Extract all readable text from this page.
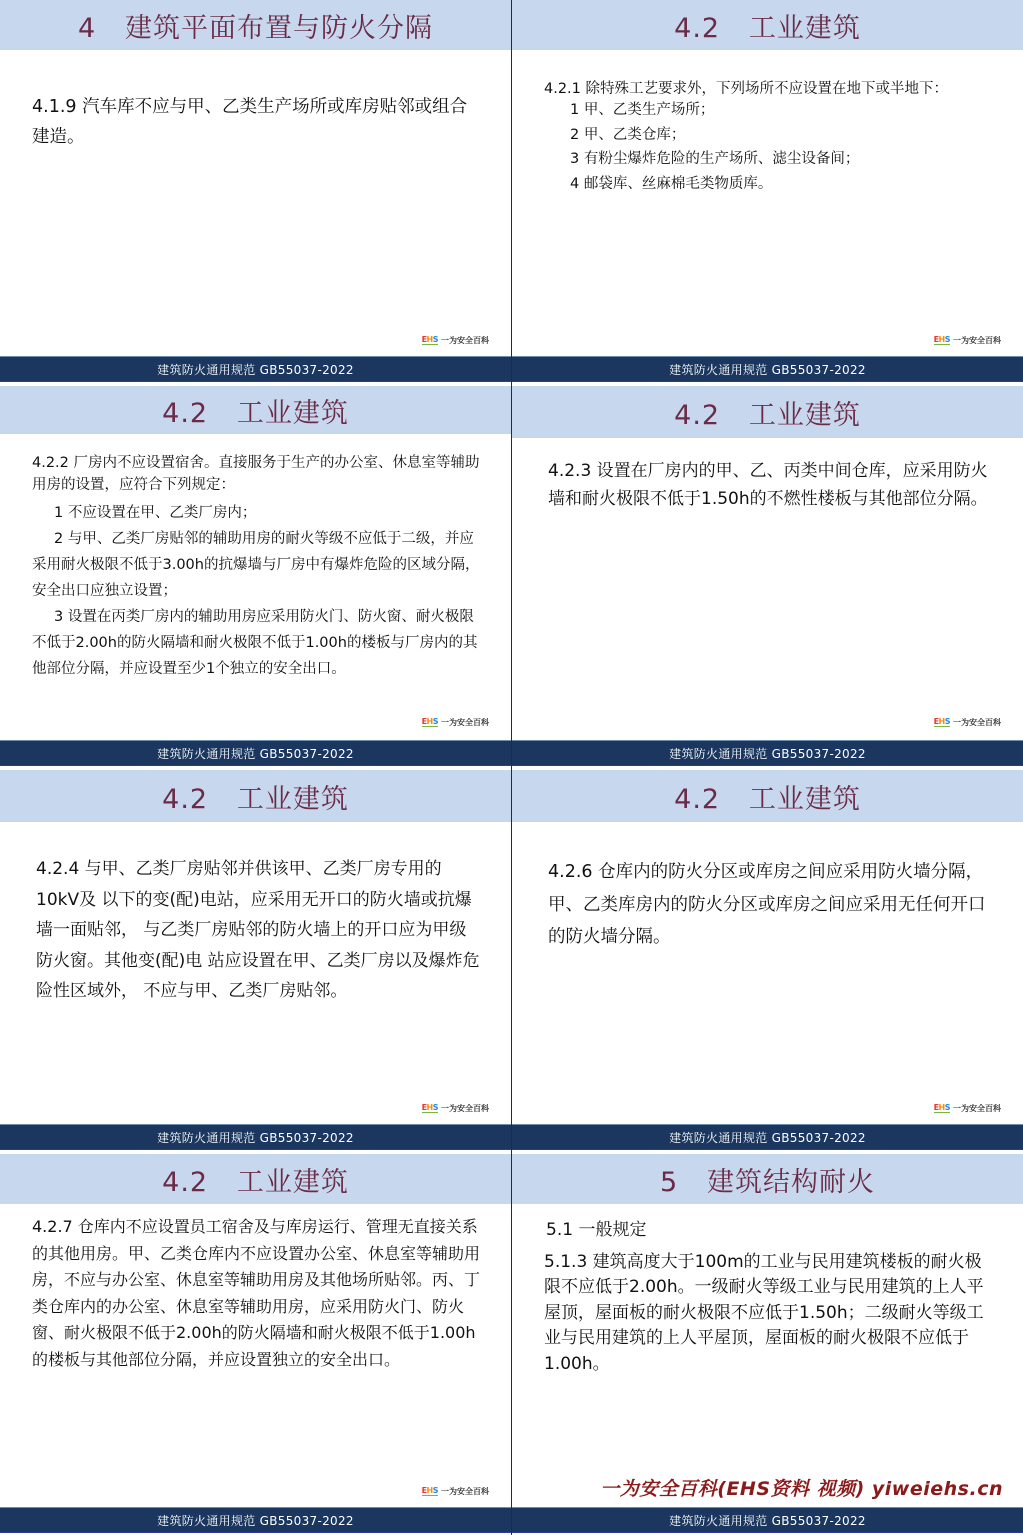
4   建筑平面布置与防火分隔

4.1.9 汽车库不应与甲、乙类生产场所或库房贴邻或组合建造。

EHS 一为安全百科
建筑防火通用规范 GB55037-2022
4.2   工业建筑

4.2.1 除特殊工艺要求外，下列场所不应设置在地下或半地下：

1 甲、乙类生产场所；

2 甲、乙类仓库；

3 有粉尘爆炸危险的生产场所、滤尘设备间；

4 邮袋库、丝麻棉毛类物质库。

EHS 一为安全百科
建筑防火通用规范 GB55037-2022
4.2   工业建筑

4.2.2 厂房内不应设置宿舍。直接服务于生产的办公室、休息室等辅助用房的设置，应符合下列规定：

1 不应设置在甲、乙类厂房内；

2 与甲、乙类厂房贴邻的辅助用房的耐火等级不应低于二级，并应采用耐火极限不低于3.00h的抗爆墙与厂房中有爆炸危险的区域分隔，安全出口应独立设置；

3 设置在丙类厂房内的辅助用房应采用防火门、防火窗、耐火极限不低于2.00h的防火隔墙和耐火极限不低于1.00h的楼板与厂房内的其他部位分隔，并应设置至少1个独立的安全出口。

EHS 一为安全百科
建筑防火通用规范 GB55037-2022
4.2   工业建筑

4.2.3 设置在厂房内的甲、乙、丙类中间仓库，应采用防火墙和耐火极限不低于1.50h的不燃性楼板与其他部位分隔。

EHS 一为安全百科
建筑防火通用规范 GB55037-2022
4.2   工业建筑

4.2.4 与甲、乙类厂房贴邻并供该甲、乙类厂房专用的10kV及 以下的变(配)电站，应采用无开口的防火墙或抗爆墙一面贴邻， 与乙类厂房贴邻的防火墙上的开口应为甲级防火窗。其他变(配)电 站应设置在甲、乙类厂房以及爆炸危险性区域外， 不应与甲、乙类厂房贴邻。

EHS 一为安全百科
建筑防火通用规范 GB55037-2022
4.2   工业建筑

4.2.6 仓库内的防火分区或库房之间应采用防火墙分隔，甲、乙类库房内的防火分区或库房之间应采用无任何开口的防火墙分隔。

EHS 一为安全百科
建筑防火通用规范 GB55037-2022
4.2   工业建筑

4.2.7 仓库内不应设置员工宿舍及与库房运行、管理无直接关系的其他用房。甲、乙类仓库内不应设置办公室、休息室等辅助用房，不应与办公室、休息室等辅助用房及其他场所贴邻。丙、丁类仓库内的办公室、休息室等辅助用房，应采用防火门、防火窗、耐火极限不低于2.00h的防火隔墙和耐火极限不低于1.00h的楼板与其他部位分隔，并应设置独立的安全出口。

EHS 一为安全百科
建筑防火通用规范 GB55037-2022
5   建筑结构耐火

5.1 一般规定

5.1.3 建筑高度大于100m的工业与民用建筑楼板的耐火极限不应低于2.00h。一级耐火等级工业与民用建筑的上人平屋顶，屋面板的耐火极限不应低于1.50h；二级耐火等级工业与民用建筑的上人平屋顶，屋面板的耐火极限不应低于1.00h。

一为安全百科(EHS资料 视频) yiweiehs.cn
建筑防火通用规范 GB55037-2022
